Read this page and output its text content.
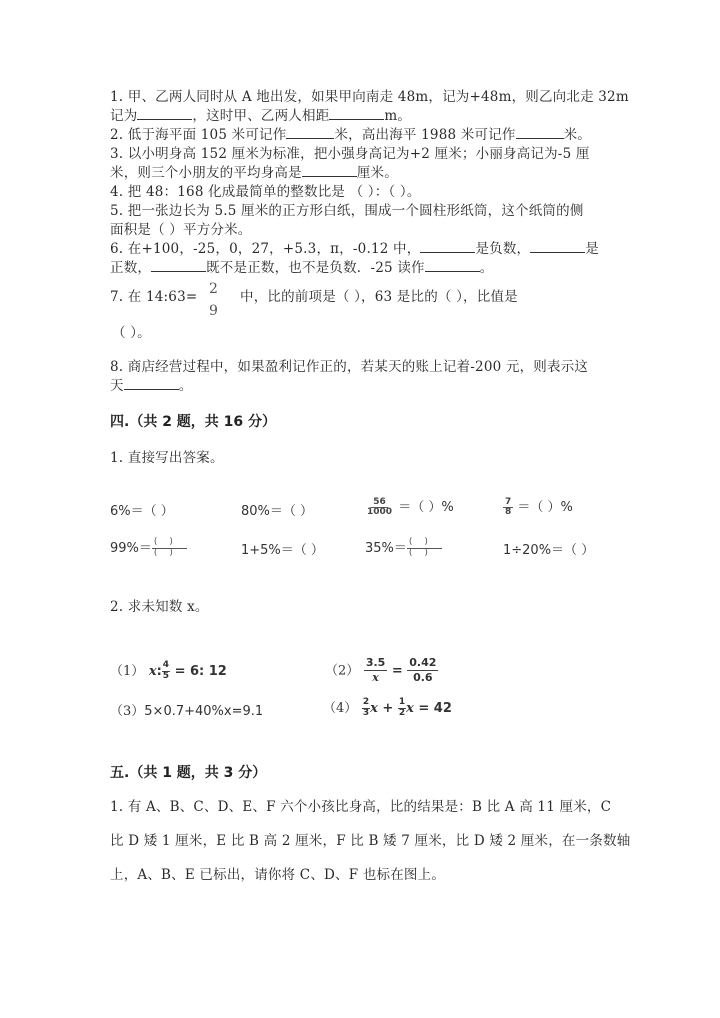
1. 甲、乙两人同时从 A 地出发，如果甲向南走 48m，记为+48m，则乙向北走 32m
记为	，这时甲、乙两人相距	m。
2. 低于海平面 105 米可记作	米，高出海平 1988 米可记作	米。
3. 以小明身高 152 厘米为标准，把小强身高记为+2 厘米；小丽身高记为-5 厘
米，则三个小朋友的平均身高是	厘米。
4. 把 48：168 化成最简单的整数比是 （ ）：（ ）。
5. 把一张边长为 5.5 厘米的正方形白纸，围成一个圆柱形纸筒，这个纸筒的侧
面积是（ ）平方分米。
6. 在+100，-25，0，27，+5.3，π，-0.12 中，	是负数，	是
正数，	既不是正数，也不是负数．-25 读作	。
7. 在 14:63= 2
9
中，比的前项是（ ），63 是比的（ ），比值是
（ ）。
8. 商店经营过程中，如果盈利记作正的，若某天的账上记着-200 元，则表示这
天	。
四.（共 2 题，共 16 分）
1. 直接写出答案。
6%＝（ ）	80%＝（ ）	$\frac{56}{1000}$ ＝（ ）%	$\frac{7}{8}$ ＝（ ）%
$99\%= \frac{()}{()}$	1+5%＝（ ）	$35\%= \frac{()}{()}$	1÷20%＝（ ）
2. 求未知数 x。
（1） x: $\frac{4}{5} = 6$: 12	$(2) \frac{3.5}{x} = \frac{0.42}{0.6}$
（3）5×0.7+40%x=9.1	$(4) \frac{2}{3}$ $x + \frac{1}{2}$ x = 42
五.（共 1 题，共 3 分）
1. 有 A、B、C、D、E、F 六个小孩比身高，比的结果是：B 比 A 高 11 厘米，C
比 D 矮 1 厘米，E 比 B 高 2 厘米，F 比 B 矮 7 厘米，比 D 矮 2 厘米，在一条数轴
上，A、B、E 已标出，请你将 C、D、F 也标在图上。
